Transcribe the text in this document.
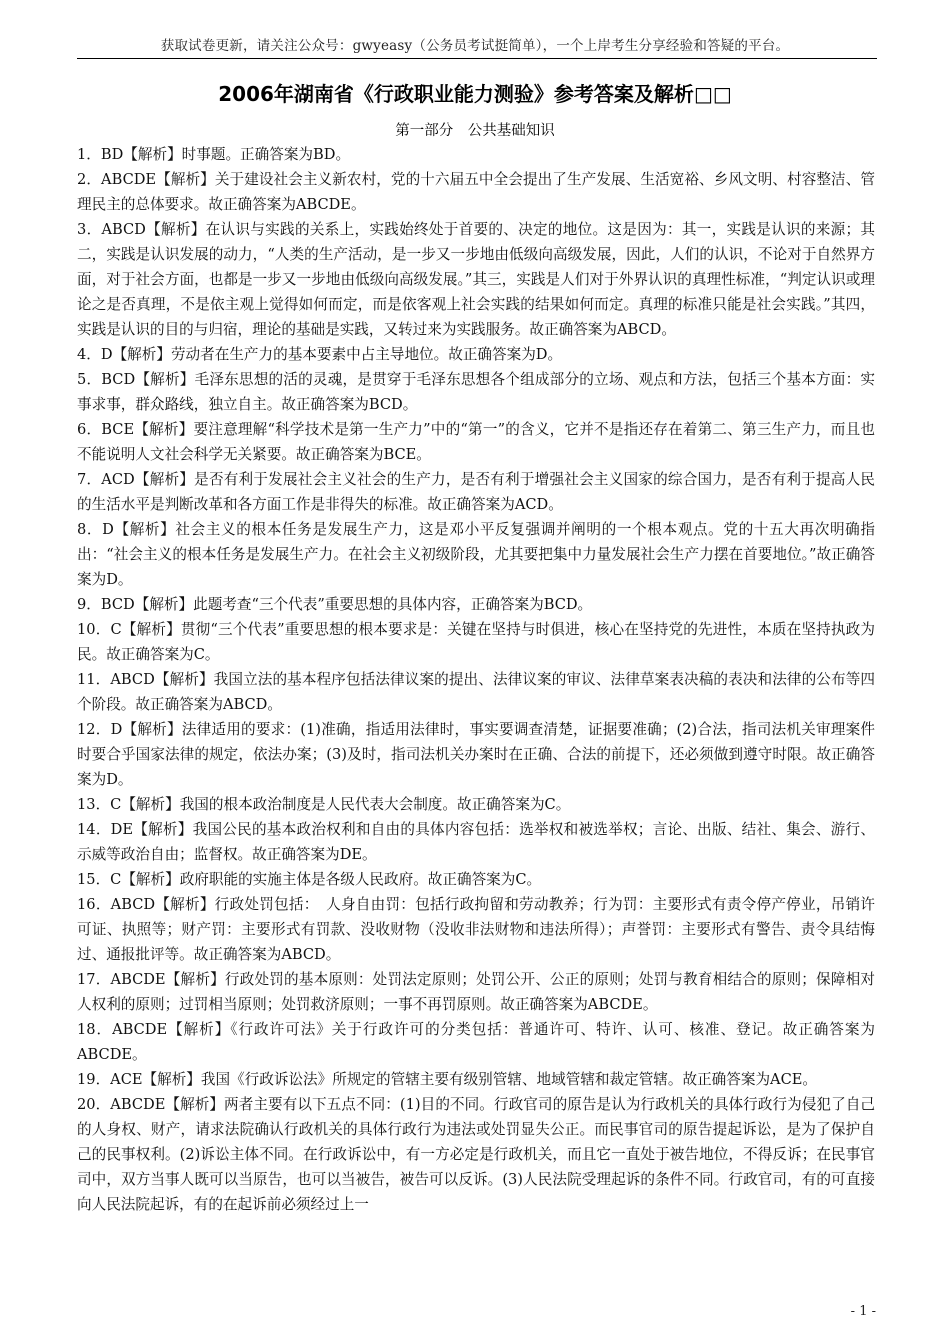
获取试卷更新，请关注公众号：gwyeasy（公务员考试挺简单），一个上岸考生分享经验和答疑的平台。
2006年湖南省《行政职业能力测验》参考答案及解析□□
第一部分　公共基础知识
1．BD【解析】时事题。正确答案为BD。
2．ABCDE【解析】关于建设社会主义新农村，党的十六届五中全会提出了生产发展、生活宽裕、乡风文明、村容整洁、管理民主的总体要求。故正确答案为ABCDE。
3．ABCD【解析】在认识与实践的关系上，实践始终处于首要的、决定的地位。这是因为：其一，实践是认识的来源；其二，实践是认识发展的动力，“人类的生产活动，是一步又一步地由低级向高级发展，因此，人们的认识，不论对于自然界方面，对于社会方面，也都是一步又一步地由低级向高级发展。”其三，实践是人们对于外界认识的真理性标准，“判定认识或理论之是否真理，不是依主观上觉得如何而定，而是依客观上社会实践的结果如何而定。真理的标准只能是社会实践。”其四，实践是认识的目的与归宿，理论的基础是实践，又转过来为实践服务。故正确答案为ABCD。
4．D【解析】劳动者在生产力的基本要素中占主导地位。故正确答案为D。
5．BCD【解析】毛泽东思想的活的灵魂，是贯穿于毛泽东思想各个组成部分的立场、观点和方法，包括三个基本方面：实事求事，群众路线，独立自主。故正确答案为BCD。
6．BCE【解析】要注意理解“科学技术是第一生产力”中的“第一”的含义，它并不是指还存在着第二、第三生产力，而且也不能说明人文社会科学无关紧要。故正确答案为BCE。
7．ACD【解析】是否有利于发展社会主义社会的生产力，是否有利于增强社会主义国家的综合国力，是否有利于提高人民的生活水平是判断改革和各方面工作是非得失的标准。故正确答案为ACD。
8．D【解析】社会主义的根本任务是发展生产力，这是邓小平反复强调并阐明的一个根本观点。党的十五大再次明确指出：“社会主义的根本任务是发展生产力。在社会主义初级阶段，尤其要把集中力量发展社会生产力摆在首要地位。”故正确答案为D。
9．BCD【解析】此题考查“三个代表”重要思想的具体内容，正确答案为BCD。
10．C【解析】贯彻“三个代表”重要思想的根本要求是：关键在坚持与时俱进，核心在坚持党的先进性，本质在坚持执政为民。故正确答案为C。
11．ABCD【解析】我国立法的基本程序包括法律议案的提出、法律议案的审议、法律草案表决稿的表决和法律的公布等四个阶段。故正确答案为ABCD。
12．D【解析】法律适用的要求：(1)准确，指适用法律时，事实要调查清楚，证据要准确；(2)合法，指司法机关审理案件时要合乎国家法律的规定，依法办案；(3)及时，指司法机关办案时在正确、合法的前提下，还必须做到遵守时限。故正确答案为D。
13．C【解析】我国的根本政治制度是人民代表大会制度。故正确答案为C。
14．DE【解析】我国公民的基本政治权利和自由的具体内容包括：选举权和被选举权；言论、出版、结社、集会、游行、示威等政治自由；监督权。故正确答案为DE。
15．C【解析】政府职能的实施主体是各级人民政府。故正确答案为C。
16．ABCD【解析】行政处罚包括：　人身自由罚：包括行政拘留和劳动教养；行为罚：主要形式有责令停产停业，吊销许可证、执照等；财产罚：主要形式有罚款、没收财物（没收非法财物和违法所得）；声誉罚：主要形式有警告、责令具结悔过、通报批评等。故正确答案为ABCD。
17．ABCDE【解析】行政处罚的基本原则：处罚法定原则；处罚公开、公正的原则；处罚与教育相结合的原则；保障相对人权利的原则；过罚相当原则；处罚救济原则；一事不再罚原则。故正确答案为ABCDE。
18．ABCDE【解析】《行政许可法》关于行政许可的分类包括：普通许可、特许、认可、核准、登记。故正确答案为ABCDE。
19．ACE【解析】我国《行政诉讼法》所规定的管辖主要有级别管辖、地域管辖和裁定管辖。故正确答案为ACE。
20．ABCDE【解析】两者主要有以下五点不同：(1)目的不同。行政官司的原告是认为行政机关的具体行政行为侵犯了自己的人身权、财产，请求法院确认行政机关的具体行政行为违法或处罚显失公正。而民事官司的原告提起诉讼，是为了保护自己的民事权利。(2)诉讼主体不同。在行政诉讼中，有一方必定是行政机关，而且它一直处于被告地位，不得反诉；在民事官司中，双方当事人既可以当原告，也可以当被告，被告可以反诉。(3)人民法院受理起诉的条件不同。行政官司，有的可直接向人民法院起诉，有的在起诉前必须经过上一
- 1 -
